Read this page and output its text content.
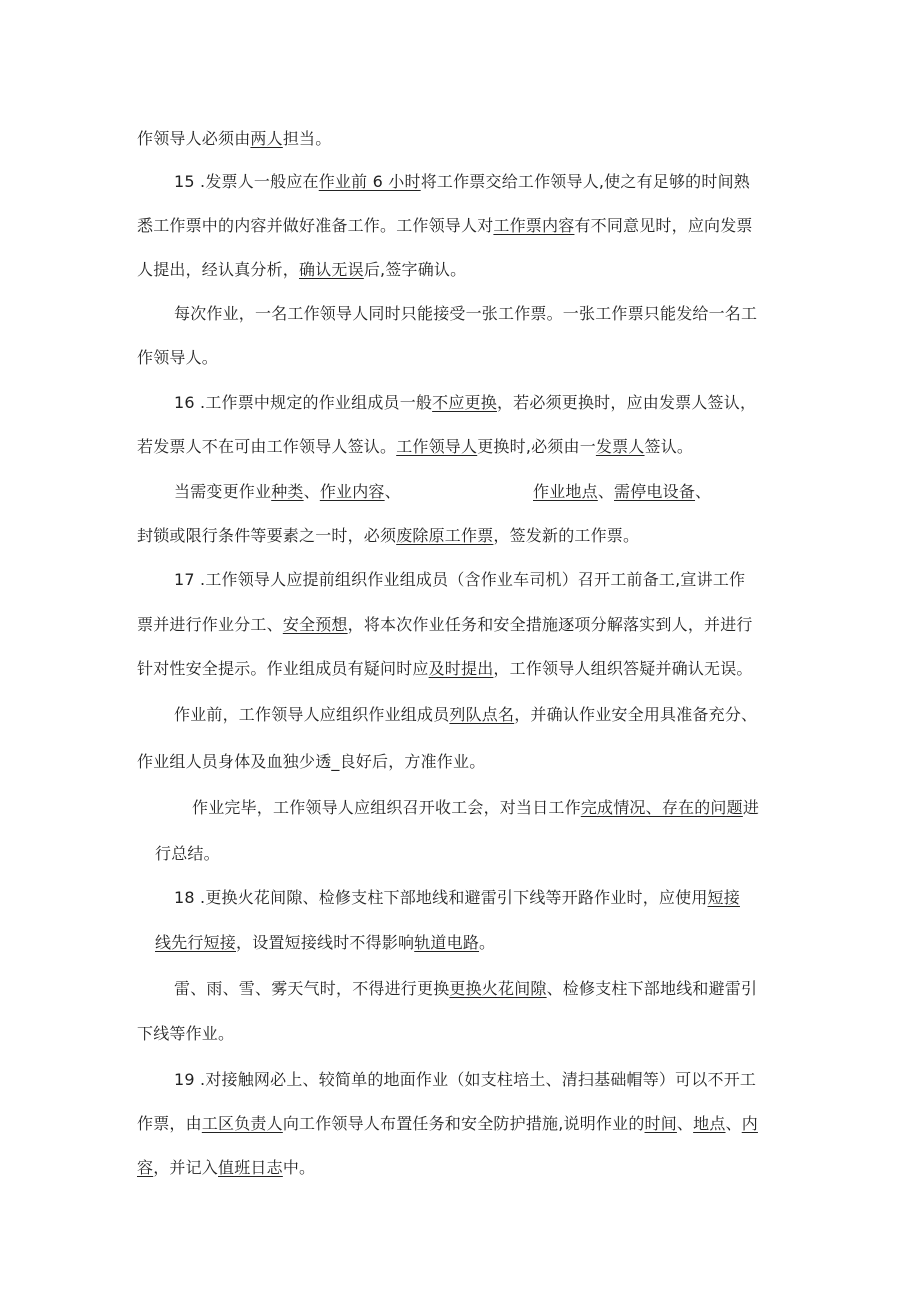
作领导人必须由两人担当。
15 .发票人一般应在作业前 6 小时将工作票交给工作领导人,使之有足够的时间熟
悉工作票中的内容并做好准备工作。工作领导人对工作票内容有不同意见时，应向发票
人提出，经认真分析，确认无误后,签字确认。
每次作业，一名工作领导人同时只能接受一张工作票。一张工作票只能发给一名工
作领导人。
16 .工作票中规定的作业组成员一般不应更换，若必须更换时，应由发票人签认，
若发票人不在可由工作领导人签认。工作领导人更换时,必须由一发票人签认。
当需变更作业种类、作业内容、	作业地点、需停电设备、
封锁或限行条件等要素之一时，必须废除原工作票，签发新的工作票。
17 .工作领导人应提前组织作业组成员（含作业车司机）召开工前备工,宣讲工作
票并进行作业分工、安全预想，将本次作业任务和安全措施逐项分解落实到人，并进行
针对性安全提示。作业组成员有疑问时应及时提出，工作领导人组织答疑并确认无误。
作业前，工作领导人应组织作业组成员列队点名，并确认作业安全用具准备充分、
作业组人员身体及血独少透_良好后，方准作业。
作业完毕，工作领导人应组织召开收工会，对当日工作完成情况、存在的问题进
行总结。
18 .更换火花间隙、检修支柱下部地线和避雷引下线等开路作业时，应使用短接
线先行短接，设置短接线时不得影响轨道电路。
雷、雨、雪、雾天气时，不得进行更换更换火花间隙、检修支柱下部地线和避雷引
下线等作业。
19 .对接触网必上、较简单的地面作业（如支柱培土、清扫基础帽等）可以不开工
作票，由工区负责人向工作领导人布置任务和安全防护措施,说明作业的时间、地点、内
容，并记入值班日志中。
